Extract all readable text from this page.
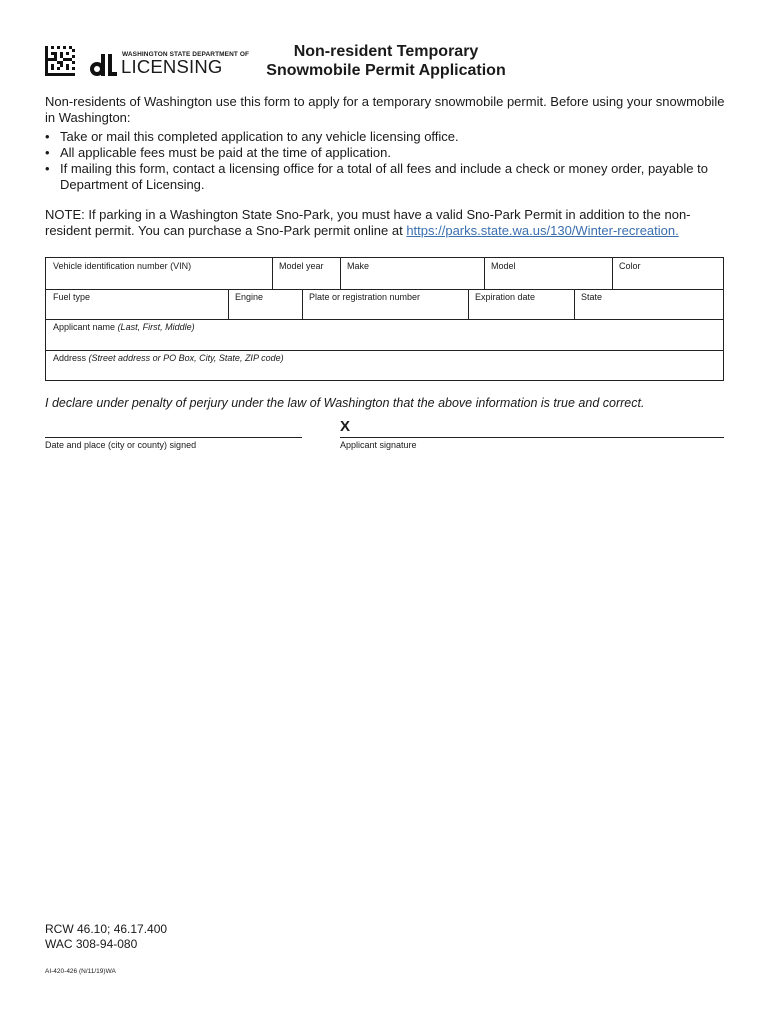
WASHINGTON STATE DEPARTMENT OF
LICENSING
Non-resident Temporary
Snowmobile Permit Application
Non-residents of Washington use this form to apply for a temporary snowmobile permit. Before using your snowmobile in Washington:
• Take or mail this completed application to any vehicle licensing office.
• All applicable fees must be paid at the time of application.
• If mailing this form, contact a licensing office for a total of all fees and include a check or money order, payable to Department of Licensing.
NOTE: If parking in a Washington State Sno-Park, you must have a valid Sno-Park Permit in addition to the non-resident permit. You can purchase a Sno-Park permit online at https://parks.state.wa.us/130/Winter-recreation.
Vehicle identification number (VIN)	Model year	Make	Model	Color
Fuel type	Engine	Plate or registration number	Expiration date	State
Applicant name (Last, First, Middle)
Address (Street address or PO Box, City, State, ZIP code)
I declare under penalty of perjury under the law of Washington that the above information is true and correct.
X
Date and place (city or county) signed	Applicant signature
RCW 46.10; 46.17.400
WAC 308-94-080
AI-420-426 (N/11/19)WA
